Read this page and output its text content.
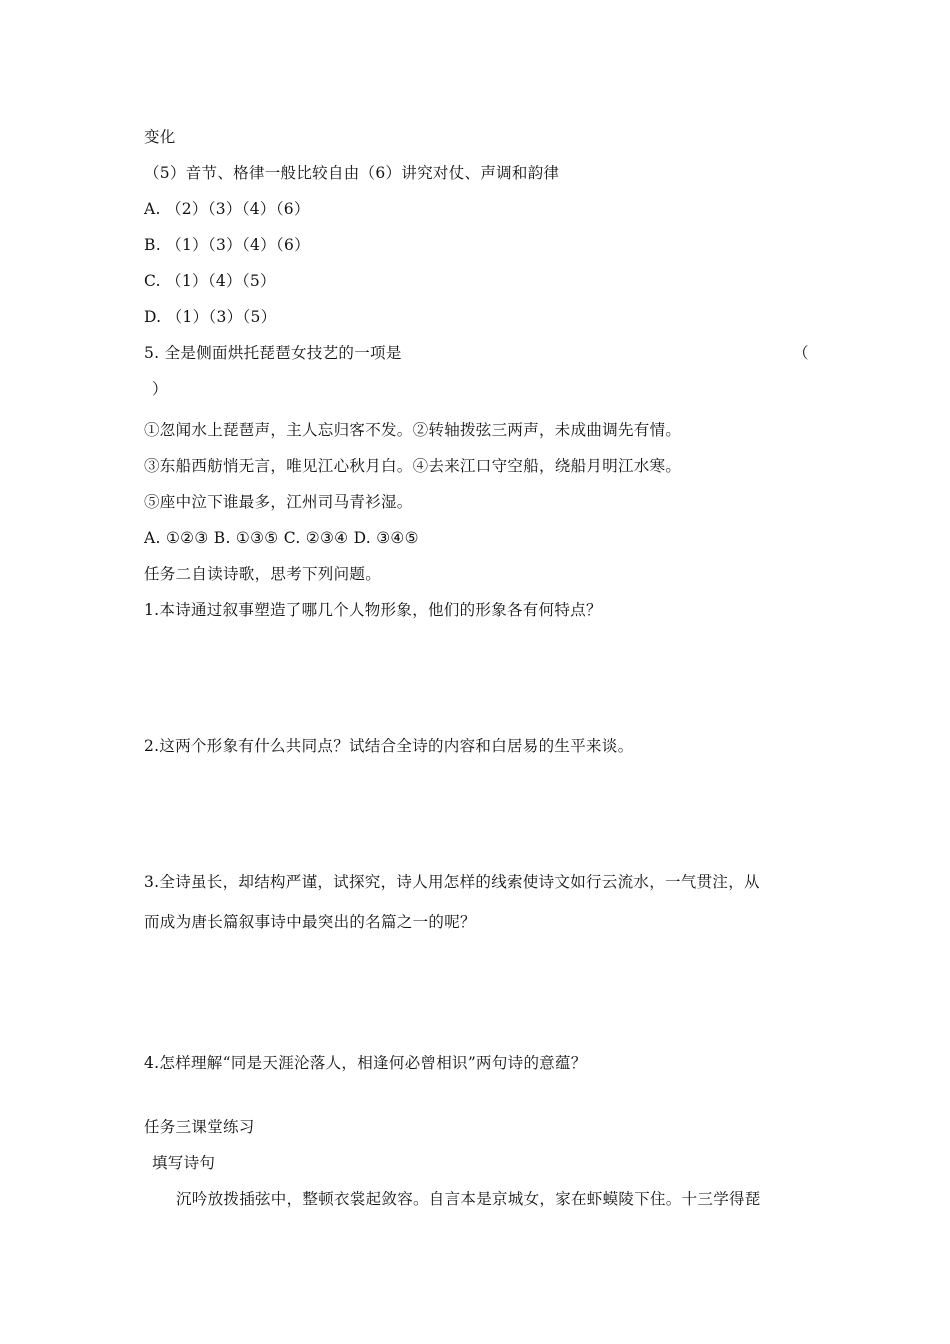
变化
（5）音节、格律一般比较自由（6）讲究对仗、声调和韵律
A. （2）（3）（4）（6）
B. （1）（3）（4）（6）
C. （1）（4）（5）
D. （1）（3）（5）
5. 全是侧面烘托琵琶女技艺的一项是	（
）
①忽闻水上琵琶声，主人忘归客不发。②转轴拨弦三两声，未成曲调先有情。
③东船西舫悄无言，唯见江心秋月白。④去来江口守空船，绕船月明江水寒。
⑤座中泣下谁最多，江州司马青衫湿。
A. ①②③ B. ①③⑤ C. ②③④ D. ③④⑤
任务二自读诗歌，思考下列问题。
1.本诗通过叙事塑造了哪几个人物形象，他们的形象各有何特点？
2.这两个形象有什么共同点？试结合全诗的内容和白居易的生平来谈。
3.全诗虽长，却结构严谨，试探究，诗人用怎样的线索使诗文如行云流水，一气贯注，从
而成为唐长篇叙事诗中最突出的名篇之一的呢？
4.怎样理解“同是天涯沦落人，相逢何必曾相识”两句诗的意蕴？
任务三课堂练习
填写诗句
沉吟放拨插弦中，整顿衣裳起敛容。自言本是京城女，家在虾蟆陵下住。十三学得琵
